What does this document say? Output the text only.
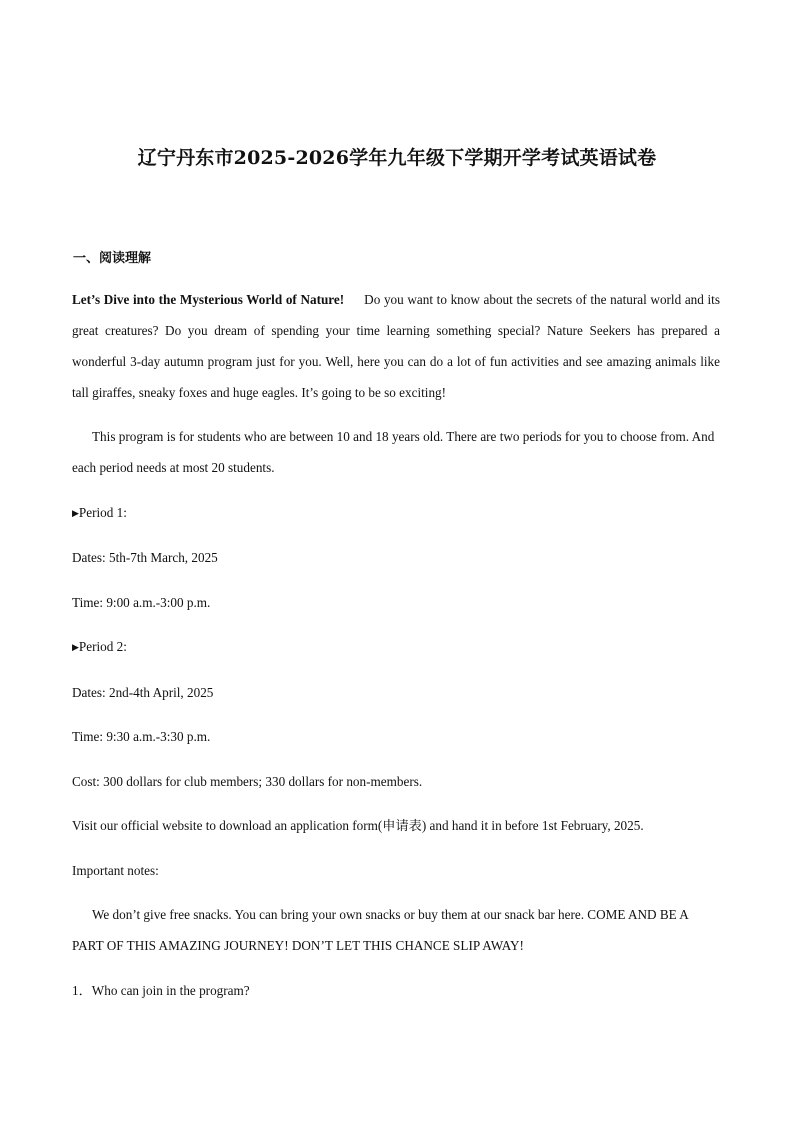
辽宁丹东市2025-2026学年九年级下学期开学考试英语试卷
一、阅读理解

Let’s Dive into the Mysterious World of Nature! Do you want to know about the secrets of the natural world and its great creatures? Do you dream of spending your time learning something special? Nature Seekers has prepared a wonderful 3-day autumn program just for you. Well, here you can do a lot of fun activities and see amazing animals like tall giraffes, sneaky foxes and huge eagles. It’s going to be so exciting!

This program is for students who are between 10 and 18 years old. There are two periods for you to choose from. And each period needs at most 20 students.

▶Period 1:

Dates: 5th-7th March, 2025

Time: 9:00 a.m.-3:00 p.m.

▶Period 2:

Dates: 2nd-4th April, 2025

Time: 9:30 a.m.-3:30 p.m.

Cost: 300 dollars for club members; 330 dollars for non-members.

Visit our official website to download an application form(申请表) and hand it in before 1st February, 2025.

Important notes:

We don’t give free snacks. You can bring your own snacks or buy them at our snack bar here. COME AND BE A PART OF THIS AMAZING JOURNEY! DON’T LET THIS CHANCE SLIP AWAY!

1．Who can join in the program?
